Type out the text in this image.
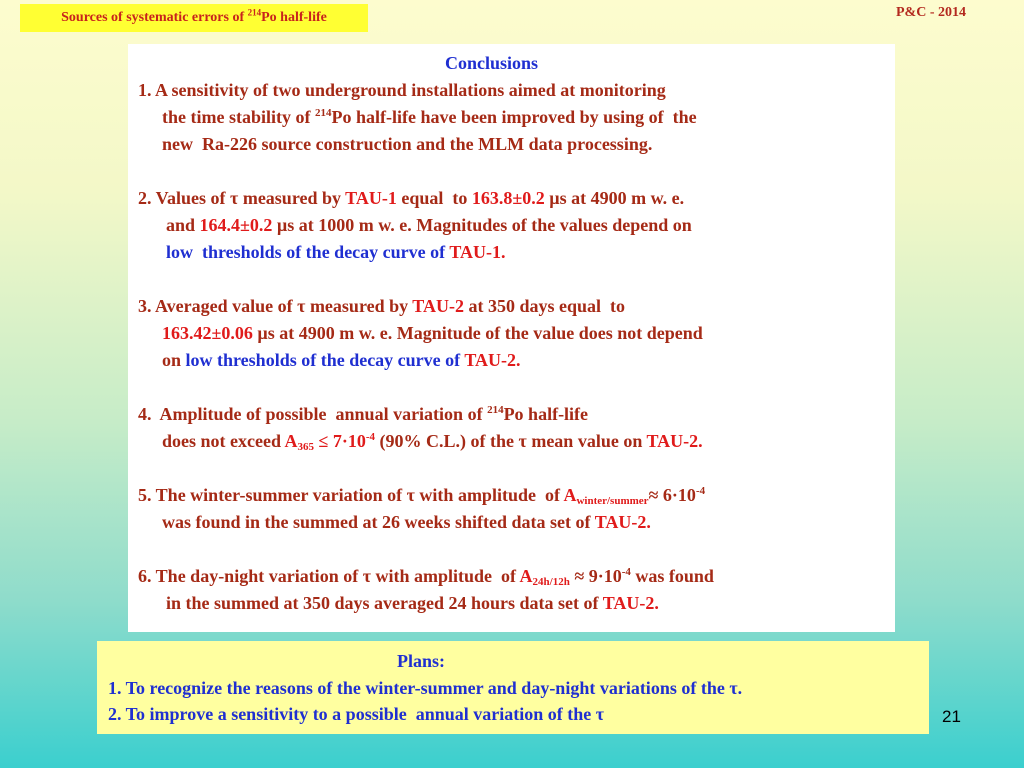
Sources of systematic errors of $^{214}$Po half-life	P&C - 2014
Conclusions
1. A sensitivity of two underground installations aimed at monitoring
the time stability of $^{214}$Po half-life have been improved by using of  the
new  Ra-226 source construction and the MLM data processing.
2. Values of τ measured by TAU-1 equal  to 163.8±0.2 µs at 4900 m w. e.
and 164.4±0.2 µs at 1000 m w. e. Magnitudes of the values depend on
low  thresholds of the decay curve of TAU-1.
3. Averaged value of τ measured by TAU-2 at 350 days equal  to
163.42±0.06 µs at 4900 m w. e. Magnitude of the value does not depend
on low thresholds of the decay curve of TAU-2.
4.  Amplitude of possible  annual variation of $^{214}$Po half-life
does not exceed $A_{365} \le 7\cdot 10^{-4}$ (90% C.L.) of the τ mean value on TAU-2.
5. The winter-summer variation of τ with amplitude  of $A_{winter/summer}\approx 6\cdot 10^{-4}$
was found in the summed at 26 weeks shifted data set of TAU-2.
6. The day-night variation of τ with amplitude  of $A_{24h/12h} \approx 9\cdot 10^{-4}$ was found
in the summed at 350 days averaged 24 hours data set of TAU-2.
Plans:
1. To recognize the reasons of the winter-summer and day-night variations of the τ.
2. To improve a sensitivity to a possible  annual variation of the τ	21
